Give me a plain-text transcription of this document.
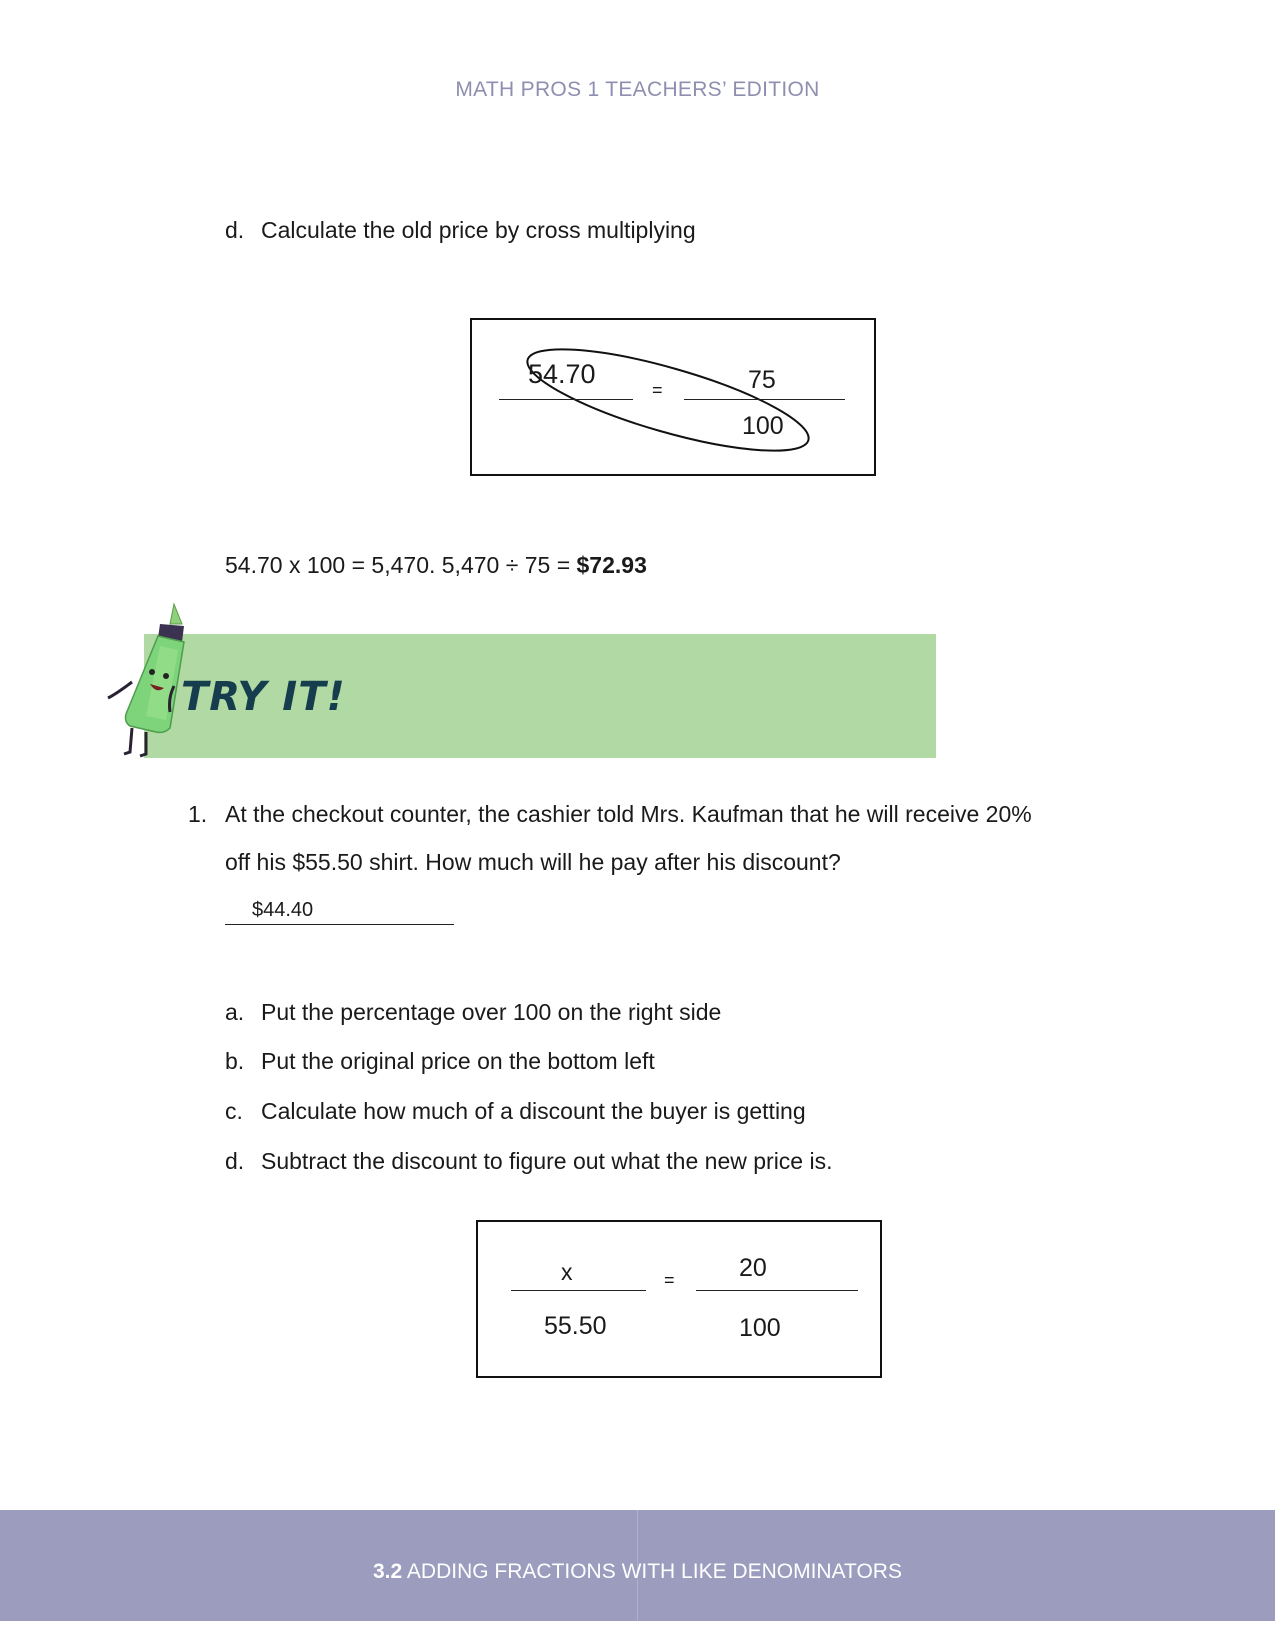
MATH PROS 1 TEACHERS’ EDITION
d. Calculate the old price by cross multiplying
54.70
=	75
100
54.70 x 100 = 5,470. 5,470 ÷ 75 = $72.93
TRY IT!
1. At the checkout counter, the cashier told Mrs. Kaufman that he will receive 20%
off his $55.50 shirt. How much will he pay after his discount?
$44.40
a. Put the percentage over 100 on the right side
b. Put the original price on the bottom left
c. Calculate how much of a discount the buyer is getting
d. Subtract the discount to figure out what the new price is.
x
55.50
=	20
100
3.2 ADDING FRACTIONS WITH LIKE DENOMINATORS
